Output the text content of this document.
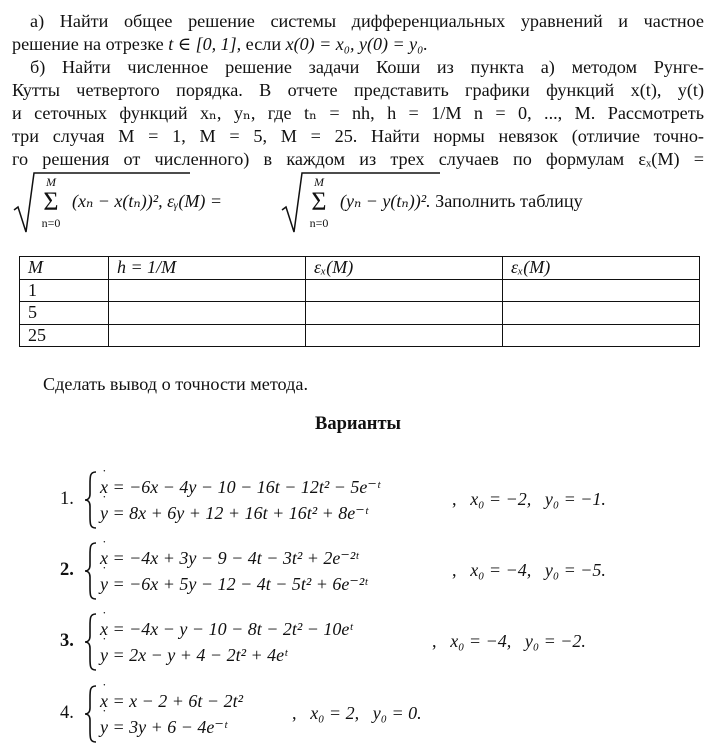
а) Найти общее решение системы дифференциальных уравнений и частное
решение на отрезке t ∈ [0, 1], если x(0) = x₀, y(0) = y₀.
б) Найти численное решение задачи Коши из пункта а) методом Рунге-
Кутты четвертого порядка. В отчете представить графики функций x(t), y(t)
и сеточных функций xₙ, yₙ, где tₙ = nh, h = 1/M n = 0, ..., M. Рассмотреть
три случая M = 1, M = 5, M = 25. Найти нормы невязок (отличие точно-
го решения от численного) в каждом из трех случаев по формулам εₓ(M) =
M
Σ
n=0
(xₙ − x(tₙ))², εᵧ(M) =
M
Σ
n=0
(yₙ − y(tₙ))². Заполнить таблицу
M	h = 1/M	εₓ(M)	εₓ(M)
1			
5			
25			
Сделать вывод о точности метода.
Варианты
1.
x ˙ = −6x − 4y − 10 − 16t − 12t² − 5e⁻ᵗ
y ˙ = 8x + 6y + 12 + 16t + 16t² + 8e⁻ᵗ
,   x₀ = −2, y₀ = −1.
2.
x ˙ = −4x + 3y − 9 − 4t − 3t² + 2e⁻²ᵗ
y ˙ = −6x + 5y − 12 − 4t − 5t² + 6e⁻²ᵗ
,   x₀ = −4, y₀ = −5.
3.
x ˙ = −4x − y − 10 − 8t − 2t² − 10eᵗ
y ˙ = 2x − y + 4 − 2t² + 4eᵗ
,   x₀ = −4, y₀ = −2.
4.
x ˙ = x − 2 + 6t − 2t²
y ˙ = 3y + 6 − 4e⁻ᵗ
,   x₀ = 2, y₀ = 0.
